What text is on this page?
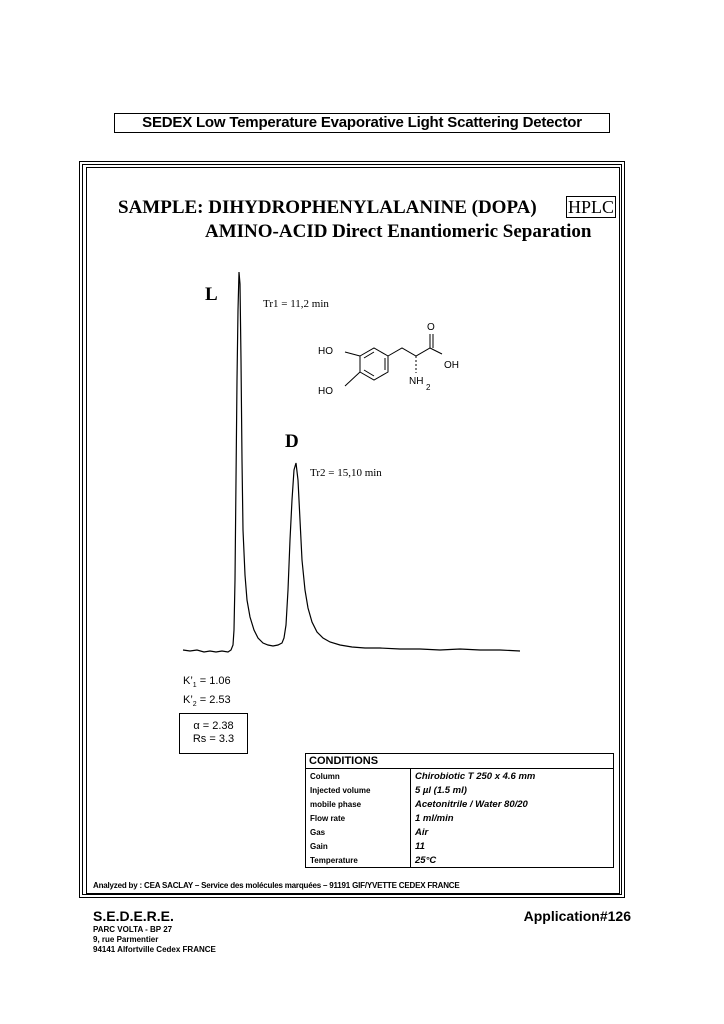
SEDEX Low Temperature Evaporative Light Scattering Detector
SAMPLE: DIHYDROPHENYLALANINE (DOPA) HPLC
AMINO-ACID Direct Enantiomeric Separation
L	Tr1 = 11,2 min
D
Tr2 = 15,10 min
HO
HO
O
OH
NH
2
$K’_1 = 1.06$
$K’_2 = 2.53$
α = 2.38
Rs = 3.3
CONDITIONS	
Column	Chirobiotic T 250 x 4.6 mm
Injected volume	5 µl (1.5 ml)
mobile phase	Acetonitrile / Water 80/20
Flow rate	1 ml/min
Gas	Air
Gain	11
Temperature	25°C
Analyzed by : CEA SACLAY – Service des molécules marquées – 91191 GIF/YVETTE CEDEX FRANCE
S.E.D.E.R.E.	Application#126
PARC VOLTA - BP 27
9, rue Parmentier
94141 Alfortville Cedex FRANCE
